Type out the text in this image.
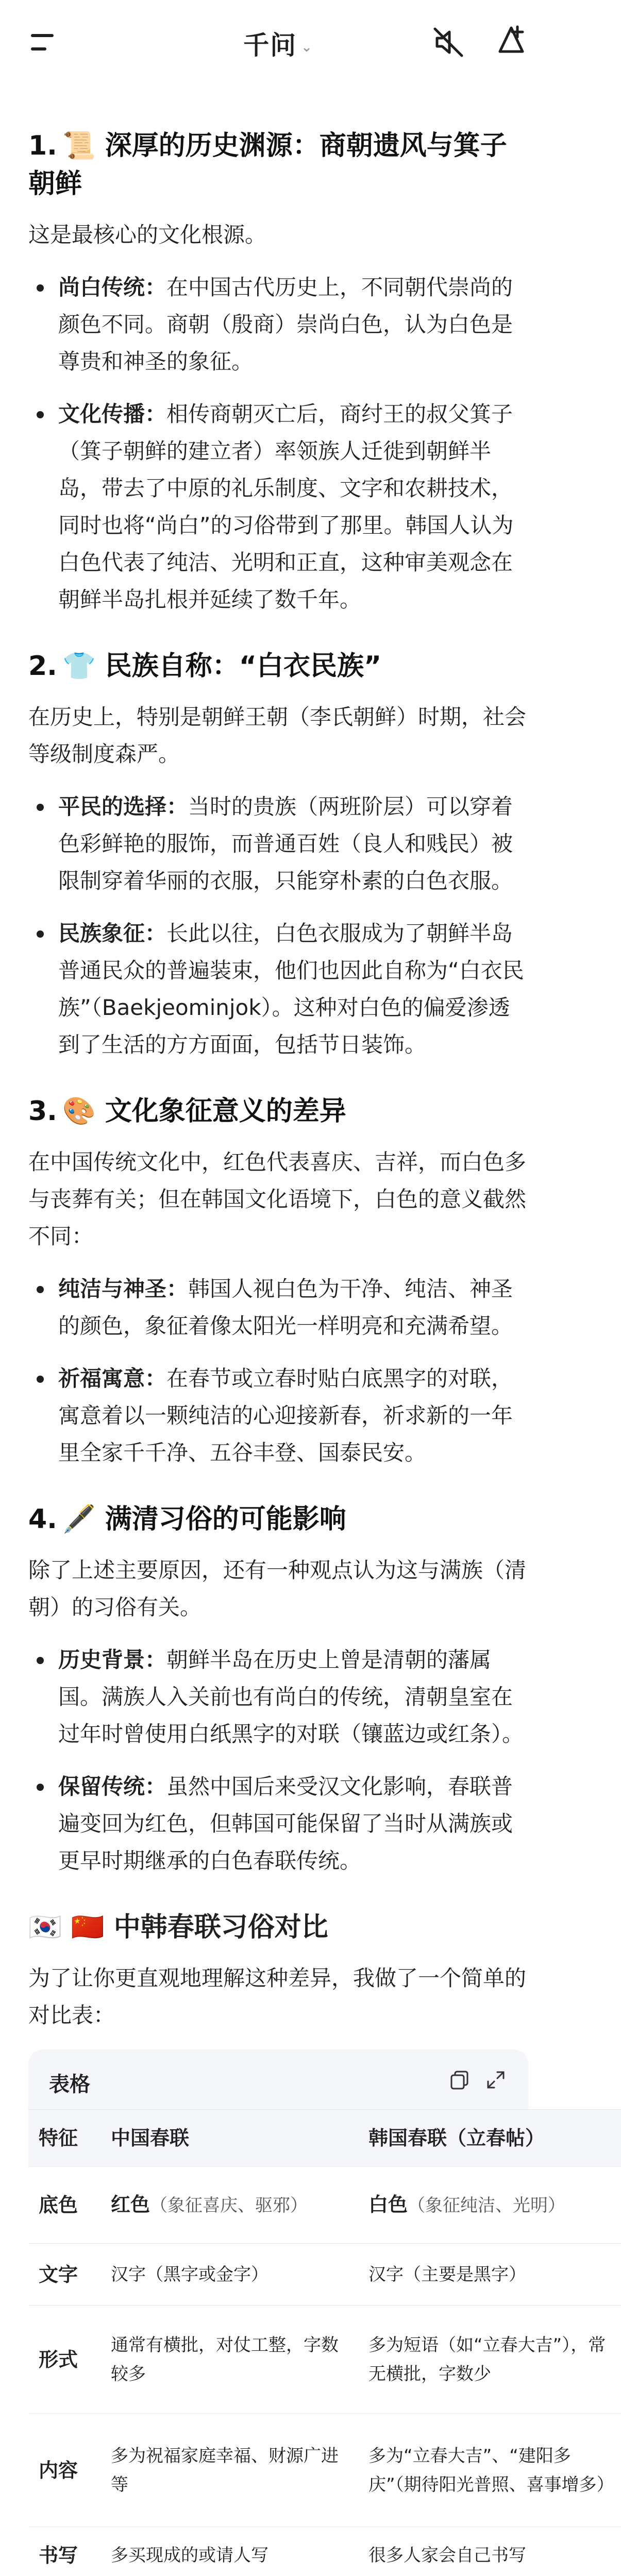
千问 ⌄
1. 📜 深厚的历史渊源：商朝遗风与箕子朝鲜

这是最核心的文化根源。

尚白传统：在中国古代历史上，不同朝代崇尚的颜色不同。商朝（殷商）崇尚白色，认为白色是尊贵和神圣的象征。
文化传播：相传商朝灭亡后，商纣王的叔父箕子（箕子朝鲜的建立者）率领族人迁徙到朝鲜半岛，带去了中原的礼乐制度、文字和农耕技术，同时也将“尚白”的习俗带到了那里。韩国人认为白色代表了纯洁、光明和正直，这种审美观念在朝鲜半岛扎根并延续了数千年。
2. 👕 民族自称：“白衣民族”

在历史上，特别是朝鲜王朝（李氏朝鲜）时期，社会等级制度森严。

平民的选择：当时的贵族（两班阶层）可以穿着色彩鲜艳的服饰，而普通百姓（良人和贱民）被限制穿着华丽的衣服，只能穿朴素的白色衣服。
民族象征：长此以往，白色衣服成为了朝鲜半岛普通民众的普遍装束，他们也因此自称为“白衣民族”（Baekjeominjok）。这种对白色的偏爱渗透到了生活的方方面面，包括节日装饰。
3. 🎨 文化象征意义的差异

在中国传统文化中，红色代表喜庆、吉祥，而白色多与丧葬有关；但在韩国文化语境下，白色的意义截然不同：

纯洁与神圣：韩国人视白色为干净、纯洁、神圣的颜色，象征着像太阳光一样明亮和充满希望。
祈福寓意：在春节或立春时贴白底黑字的对联，寓意着以一颗纯洁的心迎接新春，祈求新的一年里全家千千净、五谷丰登、国泰民安。
4. 🖋️ 满清习俗的可能影响

除了上述主要原因，还有一种观点认为这与满族（清朝）的习俗有关。

历史背景：朝鲜半岛在历史上曾是清朝的藩属国。满族人入关前也有尚白的传统，清朝皇室在过年时曾使用白纸黑字的对联（镶蓝边或红条）。
保留传统：虽然中国后来受汉文化影响，春联普遍变回为红色，但韩国可能保留了当时从满族或更早时期继承的白色春联传统。
🇰🇷 🇨🇳 中韩春联习俗对比

为了让你更直观地理解这种差异，我做了一个简单的对比表：

表格
特征	中国春联	韩国春联（立春帖）
底色	红色（象征喜庆、驱邪）	白色（象征纯洁、光明）
文字	汉字（黑字或金字）	汉字（主要是黑字）
形式	通常有横批，对仗工整，字数较多	多为短语（如“立春大吉”），常无横批，字数少
内容	多为祝福家庭幸福、财源广进等	多为“立春大吉”、“建阳多庆”（期待阳光普照、喜事增多）
书写	多买现成的或请人写	很多人家会自己书写
